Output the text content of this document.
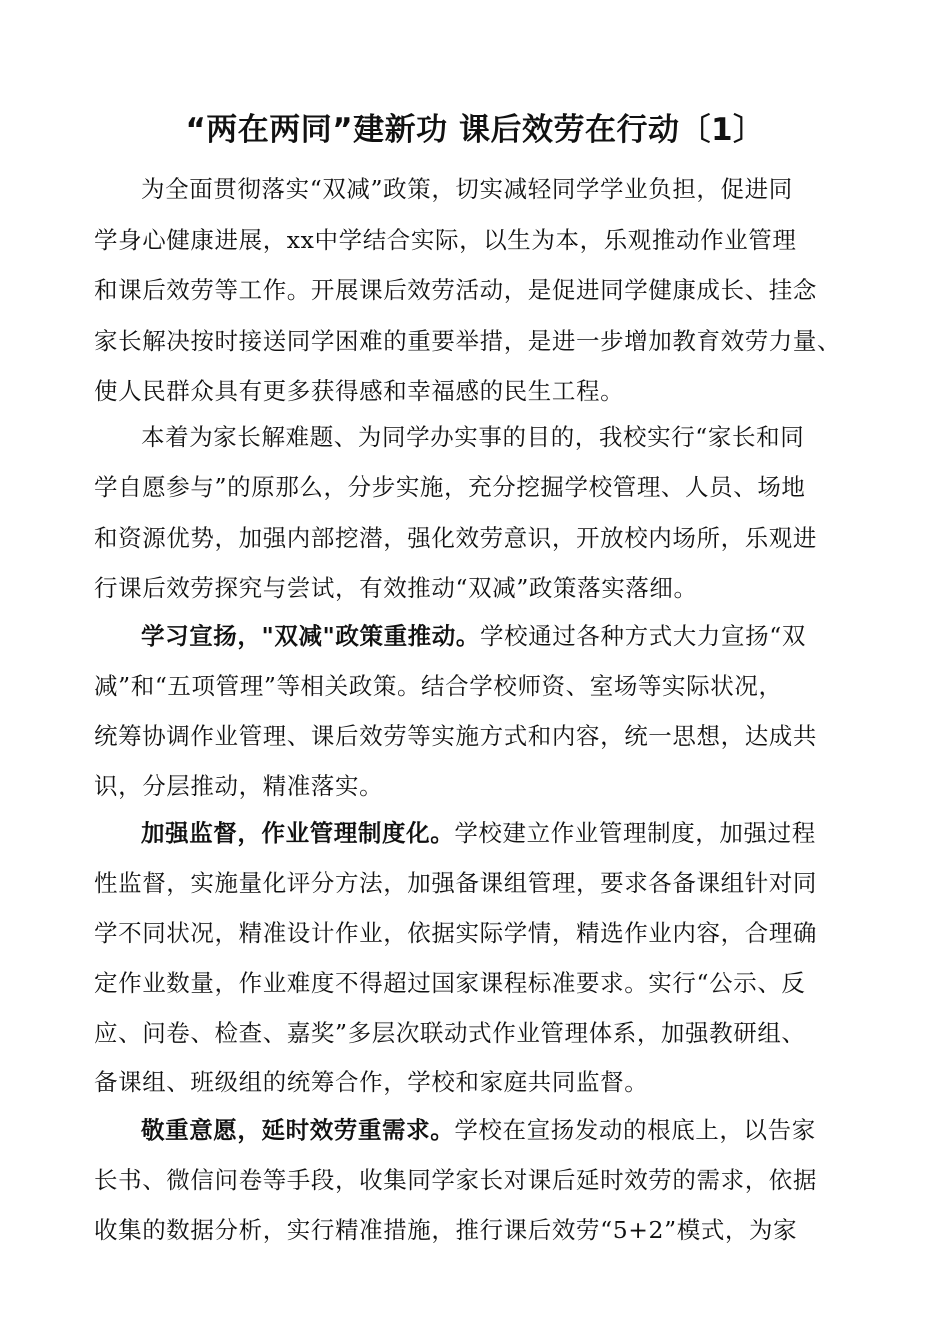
“两在两同”建新功 课后效劳在行动〔1〕
为全面贯彻落实“双减”政策，切实减轻同学学业负担，促进同
学身心健康进展，xx中学结合实际，以生为本，乐观推动作业管理
和课后效劳等工作。开展课后效劳活动，是促进同学健康成长、挂念
家长解决按时接送同学困难的重要举措，是进一步增加教育效劳力量、
使人民群众具有更多获得感和幸福感的民生工程。
本着为家长解难题、为同学办实事的目的，我校实行“家长和同
学自愿参与”的原那么，分步实施，充分挖掘学校管理、人员、场地
和资源优势，加强内部挖潜，强化效劳意识，开放校内场所，乐观进
行课后效劳探究与尝试，有效推动“双减”政策落实落细。
学习宣扬，"双减"政策重推动。学校通过各种方式大力宣扬“双
减”和“五项管理”等相关政策。结合学校师资、室场等实际状况，
统筹协调作业管理、课后效劳等实施方式和内容，统一思想，达成共
识，分层推动，精准落实。
加强监督，作业管理制度化。学校建立作业管理制度，加强过程
性监督，实施量化评分方法，加强备课组管理，要求各备课组针对同
学不同状况，精准设计作业，依据实际学情，精选作业内容，合理确
定作业数量，作业难度不得超过国家课程标准要求。实行“公示、反
应、问卷、检查、嘉奖”多层次联动式作业管理体系，加强教研组、
备课组、班级组的统筹合作，学校和家庭共同监督。
敬重意愿，延时效劳重需求。学校在宣扬发动的根底上，以告家
长书、微信问卷等手段，收集同学家长对课后延时效劳的需求，依据
收集的数据分析，实行精准措施，推行课后效劳“5+2”模式，为家
